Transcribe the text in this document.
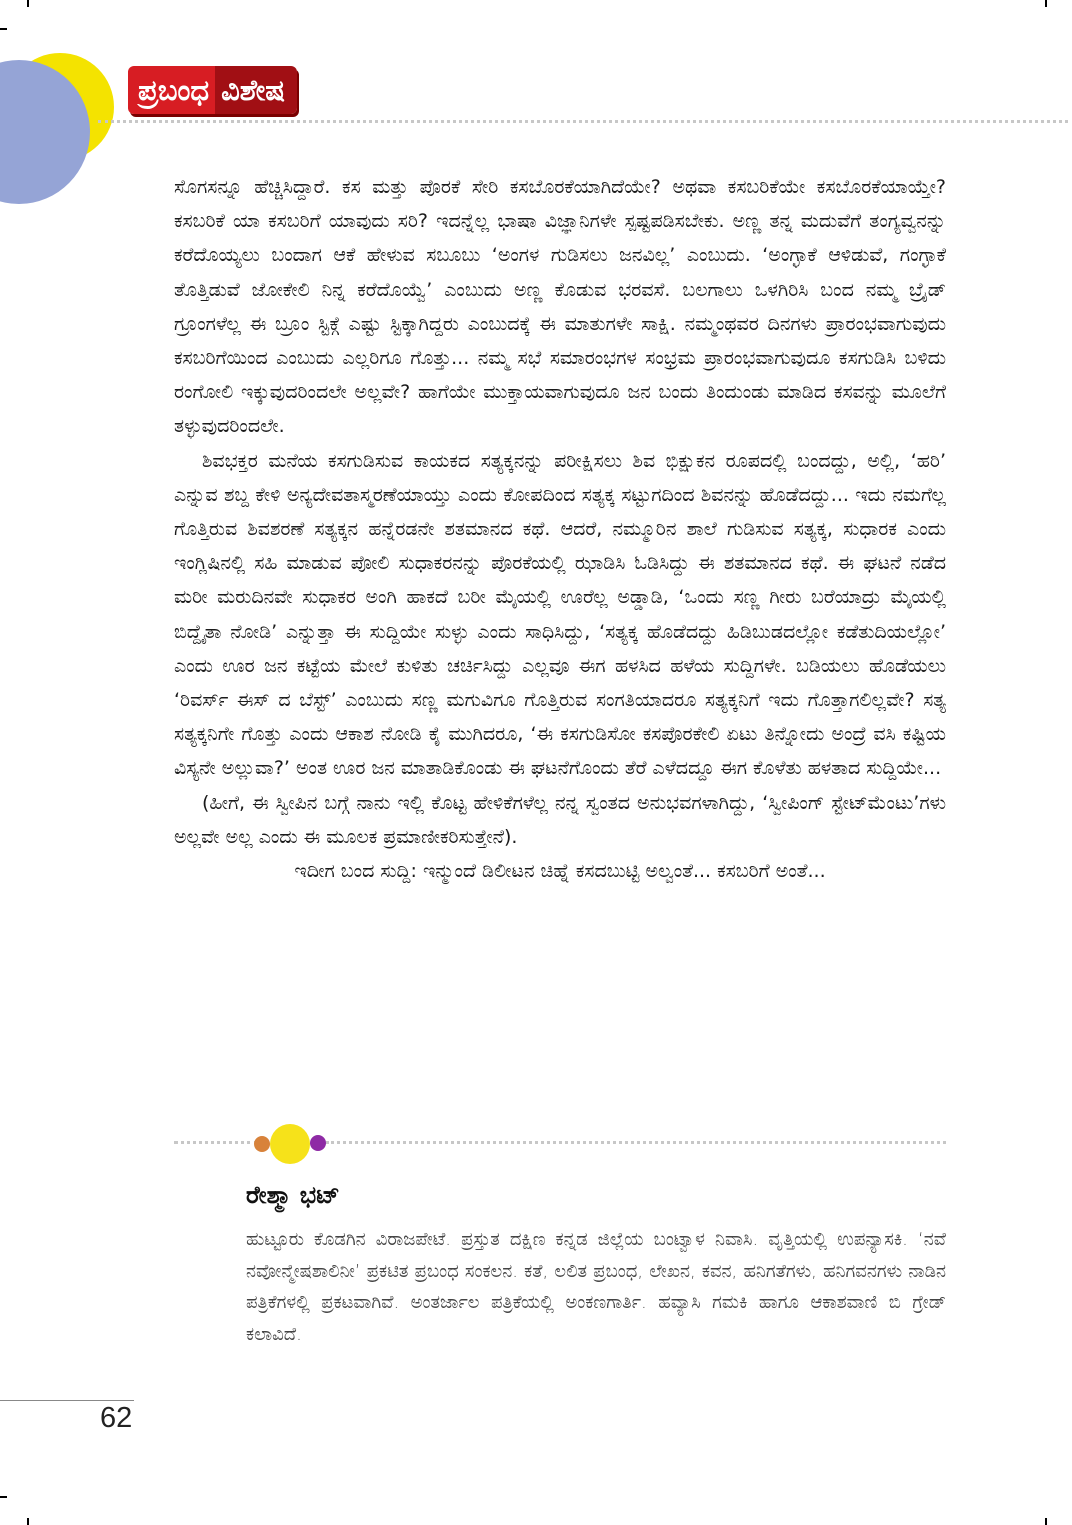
ಪ್ರಬಂಧ ವಿಶೇಷ

ಸೊಗಸನ್ನೂ ಹೆಚ್ಚಿಸಿದ್ದಾರೆ. ಕಸ ಮತ್ತು ಪೊರಕೆ ಸೇರಿ ಕಸಬೊರಕೆಯಾಗಿದೆಯೇ? ಅಥವಾ ಕಸಬರಿಕೆಯೇ ಕಸಬೊರಕೆಯಾಯ್ತೇ? ಕಸಬರಿಕೆ ಯಾ ಕಸಬರಿಗೆ ಯಾವುದು ಸರಿ? ಇದನ್ನೆಲ್ಲ ಭಾಷಾ ವಿಜ್ಞಾನಿಗಳೇ ಸ್ಪಷ್ಟಪಡಿಸಬೇಕು. ಅಣ್ಣ ತನ್ನ ಮದುವೆಗೆ ತಂಗ್ಯವ್ವನನ್ನು ಕರೆದೊಯ್ಯಲು ಬಂದಾಗ ಆಕೆ ಹೇಳುವ ಸಬೂಬು ‘ಅಂಗಳ ಗುಡಿಸಲು ಜನವಿಲ್ಲ’ ಎಂಬುದು. ‘ಅಂಗ್ಳಾಕೆ ಆಳಿಡುವೆ, ಗಂಗ್ಳಾಕೆ ತೊತ್ತಿಡುವೆ ಜೋಕೇಲಿ ನಿನ್ನ ಕರೆದೊಯ್ವೆ’ ಎಂಬುದು ಅಣ್ಣ ಕೊಡುವ ಭರವಸೆ. ಬಲಗಾಲು ಒಳಗಿರಿಸಿ ಬಂದ ನಮ್ಮ ಬ್ರೈಡ್ ಗ್ರೂಂಗಳೆಲ್ಲ ಈ ಬ್ರೂಂ ಸ್ಟಿಕ್ಗೆ ಎಷ್ಟು ಸ್ಟಿಕ್ಕಾಗಿದ್ದರು ಎಂಬುದಕ್ಕೆ ಈ ಮಾತುಗಳೇ ಸಾಕ್ಷಿ. ನಮ್ಮಂಥವರ ದಿನಗಳು ಪ್ರಾರಂಭವಾಗುವುದು ಕಸಬರಿಗೆಯಿಂದ ಎಂಬುದು ಎಲ್ಲರಿಗೂ ಗೊತ್ತು... ನಮ್ಮ ಸಭೆ ಸಮಾರಂಭಗಳ ಸಂಭ್ರಮ ಪ್ರಾರಂಭವಾಗುವುದೂ ಕಸಗುಡಿಸಿ ಬಳಿದು ರಂಗೋಲಿ ಇಕ್ಕುವುದರಿಂದಲೇ ಅಲ್ಲವೇ? ಹಾಗೆಯೇ ಮುಕ್ತಾಯವಾಗುವುದೂ ಜನ ಬಂದು ತಿಂದುಂಡು ಮಾಡಿದ ಕಸವನ್ನು ಮೂಲೆಗೆ ತಳ್ಳುವುದರಿಂದಲೇ.

ಶಿವಭಕ್ತರ ಮನೆಯ ಕಸಗುಡಿಸುವ ಕಾಯಕದ ಸತ್ಯಕ್ಕನನ್ನು ಪರೀಕ್ಷಿಸಲು ಶಿವ ಭಿಕ್ಷುಕನ ರೂಪದಲ್ಲಿ ಬಂದದ್ದು, ಅಲ್ಲಿ, ‘ಹರಿ’ ಎನ್ನುವ ಶಬ್ದ ಕೇಳಿ ಅನ್ಯದೇವತಾಸ್ಮರಣೆಯಾಯ್ತು ಎಂದು ಕೋಪದಿಂದ ಸತ್ಯಕ್ಕ ಸಟ್ಟುಗದಿಂದ ಶಿವನನ್ನು ಹೊಡೆದದ್ದು... ಇದು ನಮಗೆಲ್ಲ ಗೊತ್ತಿರುವ ಶಿವಶರಣೆ ಸತ್ಯಕ್ಕನ ಹನ್ನೆರಡನೇ ಶತಮಾನದ ಕಥೆ. ಆದರೆ, ನಮ್ಮೂರಿನ ಶಾಲೆ ಗುಡಿಸುವ ಸತ್ಯಕ್ಕ, ಸುಧಾರಕ ಎಂದು ಇಂಗ್ಲಿಷಿನಲ್ಲಿ ಸಹಿ ಮಾಡುವ ಪೋಲಿ ಸುಧಾಕರನನ್ನು ಪೊರಕೆಯಲ್ಲಿ ಝಾಡಿಸಿ ಓಡಿಸಿದ್ದು ಈ ಶತಮಾನದ ಕಥೆ. ಈ ಘಟನೆ ನಡೆದ ಮರೀ ಮರುದಿನವೇ ಸುಧಾಕರ ಅಂಗಿ ಹಾಕದೆ ಬರೀ ಮೈಯಲ್ಲಿ ಊರೆಲ್ಲ ಅಡ್ಡಾಡಿ, ‘ಒಂದು ಸಣ್ಣ ಗೀರು ಬರೆಯಾದ್ರು ಮೈಯಲ್ಲಿ ಬಿದ್ದೈತಾ ನೋಡಿ’ ಎನ್ನುತ್ತಾ ಈ ಸುದ್ದಿಯೇ ಸುಳ್ಳು ಎಂದು ಸಾಧಿಸಿದ್ದು, ‘ಸತ್ಯಕ್ಕ ಹೊಡೆದದ್ದು ಹಿಡಿಬುಡದಲ್ಲೋ ಕಡೆತುದಿಯಲ್ಲೋ’ ಎಂದು ಊರ ಜನ ಕಟ್ಟೆಯ ಮೇಲೆ ಕುಳಿತು ಚರ್ಚಿಸಿದ್ದು ಎಲ್ಲವೂ ಈಗ ಹಳಸಿದ ಹಳೆಯ ಸುದ್ದಿಗಳೇ. ಬಡಿಯಲು ಹೊಡೆಯಲು ‘ರಿವರ್ಸ್ ಈಸ್ ದ ಬೆಸ್ಟ್’ ಎಂಬುದು ಸಣ್ಣ ಮಗುವಿಗೂ ಗೊತ್ತಿರುವ ಸಂಗತಿಯಾದರೂ ಸತ್ಯಕ್ಕನಿಗೆ ಇದು ಗೊತ್ತಾಗಲಿಲ್ಲವೇ? ಸತ್ಯ ಸತ್ಯಕ್ಕನಿಗೇ ಗೊತ್ತು ಎಂದು ಆಕಾಶ ನೋಡಿ ಕೈ ಮುಗಿದರೂ, ‘ಈ ಕಸಗುಡಿಸೋ ಕಸಪೊರಕೇಲಿ ಏಟು ತಿನ್ನೋದು ಅಂದ್ರೆ ವಸಿ ಕಷ್ಟಿಯ ವಿಸ್ಯನೇ ಅಲ್ಲುವಾ?’ ಅಂತ ಊರ ಜನ ಮಾತಾಡಿಕೊಂಡು ಈ ಘಟನೆಗೊಂದು ತೆರೆ ಎಳೆದದ್ದೂ ಈಗ ಕೊಳೆತು ಹಳತಾದ ಸುದ್ದಿಯೇ...

(ಹೀಗೆ, ಈ ಸ್ವೀಪಿನ ಬಗ್ಗೆ ನಾನು ಇಲ್ಲಿ ಕೊಟ್ಟ ಹೇಳಿಕೆಗಳೆಲ್ಲ ನನ್ನ ಸ್ವಂತದ ಅನುಭವಗಳಾಗಿದ್ದು, ‘ಸ್ವೀಪಿಂಗ್ ಸ್ಟೇಟ್‌ಮೆಂಟು’ಗಳು ಅಲ್ಲವೇ ಅಲ್ಲ ಎಂದು ಈ ಮೂಲಕ ಪ್ರಮಾಣೀಕರಿಸುತ್ತೇನೆ).

ಇದೀಗ ಬಂದ ಸುದ್ದಿ: ಇನ್ಮುಂದೆ ಡಿಲೀಟನ ಚಿಹ್ನೆ ಕಸದಬುಟ್ಟಿ ಅಲ್ವಂತೆ... ಕಸಬರಿಗೆ ಅಂತೆ...

ರೇಶ್ಮಾ ಭಟ್

ಹುಟ್ಟೂರು ಕೊಡಗಿನ ವಿರಾಜಪೇಟೆ. ಪ್ರಸ್ತುತ ದಕ್ಷಿಣ ಕನ್ನಡ ಜಿಲ್ಲೆಯ ಬಂಟ್ವಾಳ ನಿವಾಸಿ. ವೃತ್ತಿಯಲ್ಲಿ ಉಪನ್ಯಾಸಕಿ. ‘ನವೆ ನವೋನ್ಮೇಷಶಾಲಿನೀ’ ಪ್ರಕಟಿತ ಪ್ರಬಂಧ ಸಂಕಲನ. ಕತೆ, ಲಲಿತ ಪ್ರಬಂಧ, ಲೇಖನ, ಕವನ, ಹನಿಗತೆಗಳು, ಹನಿಗವನಗಳು ನಾಡಿನ ಪತ್ರಿಕೆಗಳಲ್ಲಿ ಪ್ರಕಟವಾಗಿವೆ. ಅಂತರ್ಜಾಲ ಪತ್ರಿಕೆಯಲ್ಲಿ ಅಂಕಣಗಾರ್ತಿ. ಹವ್ಯಾಸಿ ಗಮಕಿ ಹಾಗೂ ಆಕಾಶವಾಣಿ ಬಿ ಗ್ರೇಡ್ ಕಲಾವಿದೆ.

62
